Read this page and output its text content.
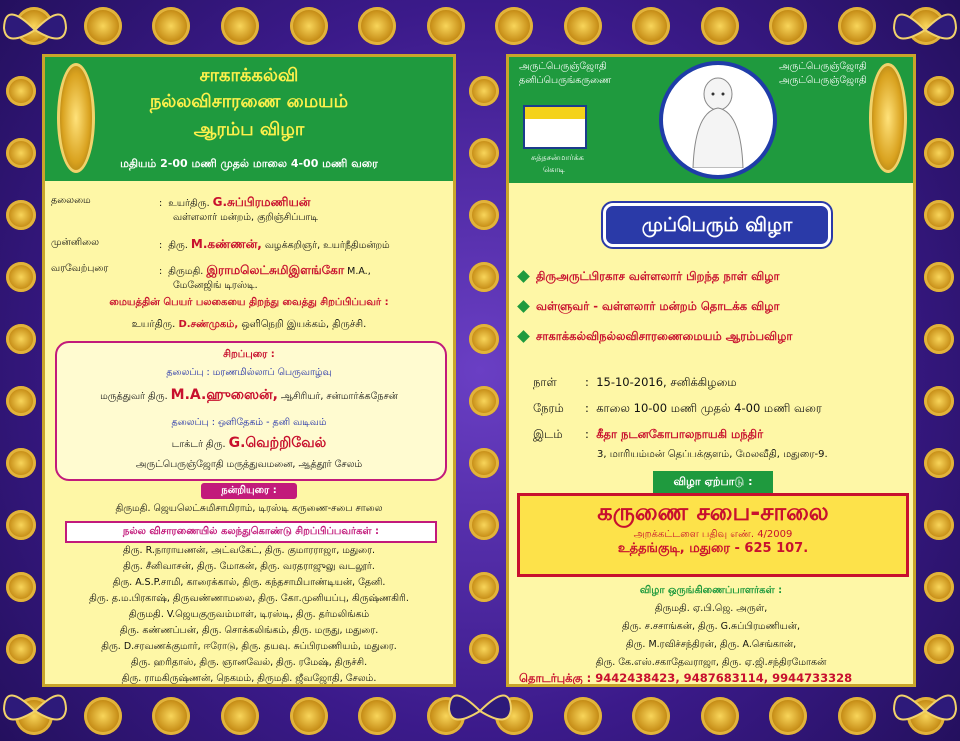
சாகாக்கல்வி
நல்லவிசாரணை மையம்
ஆரம்ப விழா
மதியம் 2-00 மணி முதல் மாலை 4-00 மணி வரை
தலைமை	:  உயர்திரு. G.சுப்பிரமணியன்
வள்ளலார் மன்றம், குறிஞ்சிப்பாடி
முன்னிலை	:  திரு. M.கண்ணன், வழக்கறிஞர், உயர்நீதிமன்றம்
வரவேற்புரை	:  திருமதி. இராமலெட்சுமிஇளங்கோ M.A.,
மேனேஜிங் டிரஸ்டி.
மையத்தின் பெயர் பலகையை திறந்து வைத்து சிறப்பிப்பவர் :
உயர்திரு. D.சண்முகம், ஒளிநெறி இயக்கம், திருச்சி.
சிறப்புரை :
தலைப்பு : மரணமில்லாப் பெருவாழ்வு
மருத்துவர் திரு. M.A.ஹுஸைன், ஆசிரியர், சன்மார்க்கநேசன்
தலைப்பு : ஒளிதேகம் - தனி வடிவம்
டாக்டர் திரு. G.வெற்றிவேல்
அருட்பெருஞ்ஜோதி மருத்துவமனை, ஆத்தூர் சேலம்
நன்றியுரை :
திருமதி. ஜெயலெட்சுமிசாமிராம், டிரஸ்டி கருணை-சபை சாலை
நல்ல விசாரணையில் கலந்துகொண்டு சிறப்பிப்பவர்கள் :
திரு. R.நாராயணன், அட்வகேட், திரு. குமாரராஜா, மதுரை.
திரு. சீனிவாசன், திரு. மோகன், திரு. வரதராஜுலு வடலூர்.
திரு. A.S.P.சாமி, காரைக்கால், திரு. கந்தசாமிபாண்டியன், தேனி.
திரு. த.ம.பிரகாஷ், திருவண்ணாமலை, திரு. கோ.முனியப்பு, கிருஷ்ணகிரி.
திருமதி. V.ஜெயகுருவம்மாள், டிரஸ்டி, திரு. தர்மலிங்கம்
திரு. கண்ணப்பன், திரு. சொக்கலிங்கம், திரு. மருது, மதுரை.
திரு. D.சரவணக்குமார், ஈரோடு, திரு. தயவு. சுப்பிரமணியம், மதுரை.
திரு. ஹரிதாஸ், திரு. ஞானவேல், திரு. ரமேஷ், திருச்சி.
திரு. ராமகிருஷ்ணன், நெகமம், திருமதி. ஜீவஜோதி, சேலம்.
அருட்பெருஞ்ஜோதி
தனிப்பெருங்கருணை
அருட்பெருஞ்ஜோதி
அருட்பெருஞ்ஜோதி
சுத்தசன்மார்க்க
கொடி
முப்பெரும் விழா
திருஅருட்பிரகாச வள்ளலார் பிறந்த நாள் விழா
வள்ளுவர் - வள்ளலார் மன்றம் தொடக்க விழா
சாகாக்கல்விநல்லவிசாரணைமையம் ஆரம்பவிழா
நாள் :  15-10-2016, சனிக்கிழமை
நேரம் :  காலை 10-00 மணி முதல் 4-00 மணி வரை
இடம் :  கீதா நடனகோபாலநாயகி மந்திர்
3, மாரியம்மன் தெப்பக்குளம், மேலவீதி, மதுரை-9.
விழா ஏற்பாடு :
கருணை சபை-சாலை
அறக்கட்டளை பதிவு எண். 4/2009
உத்தங்குடி, மதுரை - 625 107.
விழா ஒருங்கிணைப்பாளர்கள் :
திருமதி. ஏ.பி.ஜெ. அருள்,
திரு. ச.சசாங்கன், திரு. G.சுப்பிரமணியன்,
திரு. M.ரவிச்சந்திரன், திரு. A.செங்கான்,
திரு. கே.எஸ்.சகாதேவராஜா, திரு. ஏ.ஜி.சந்திரமோகன்
தொடர்புக்கு : 9442438423, 9487683114, 9944733328
